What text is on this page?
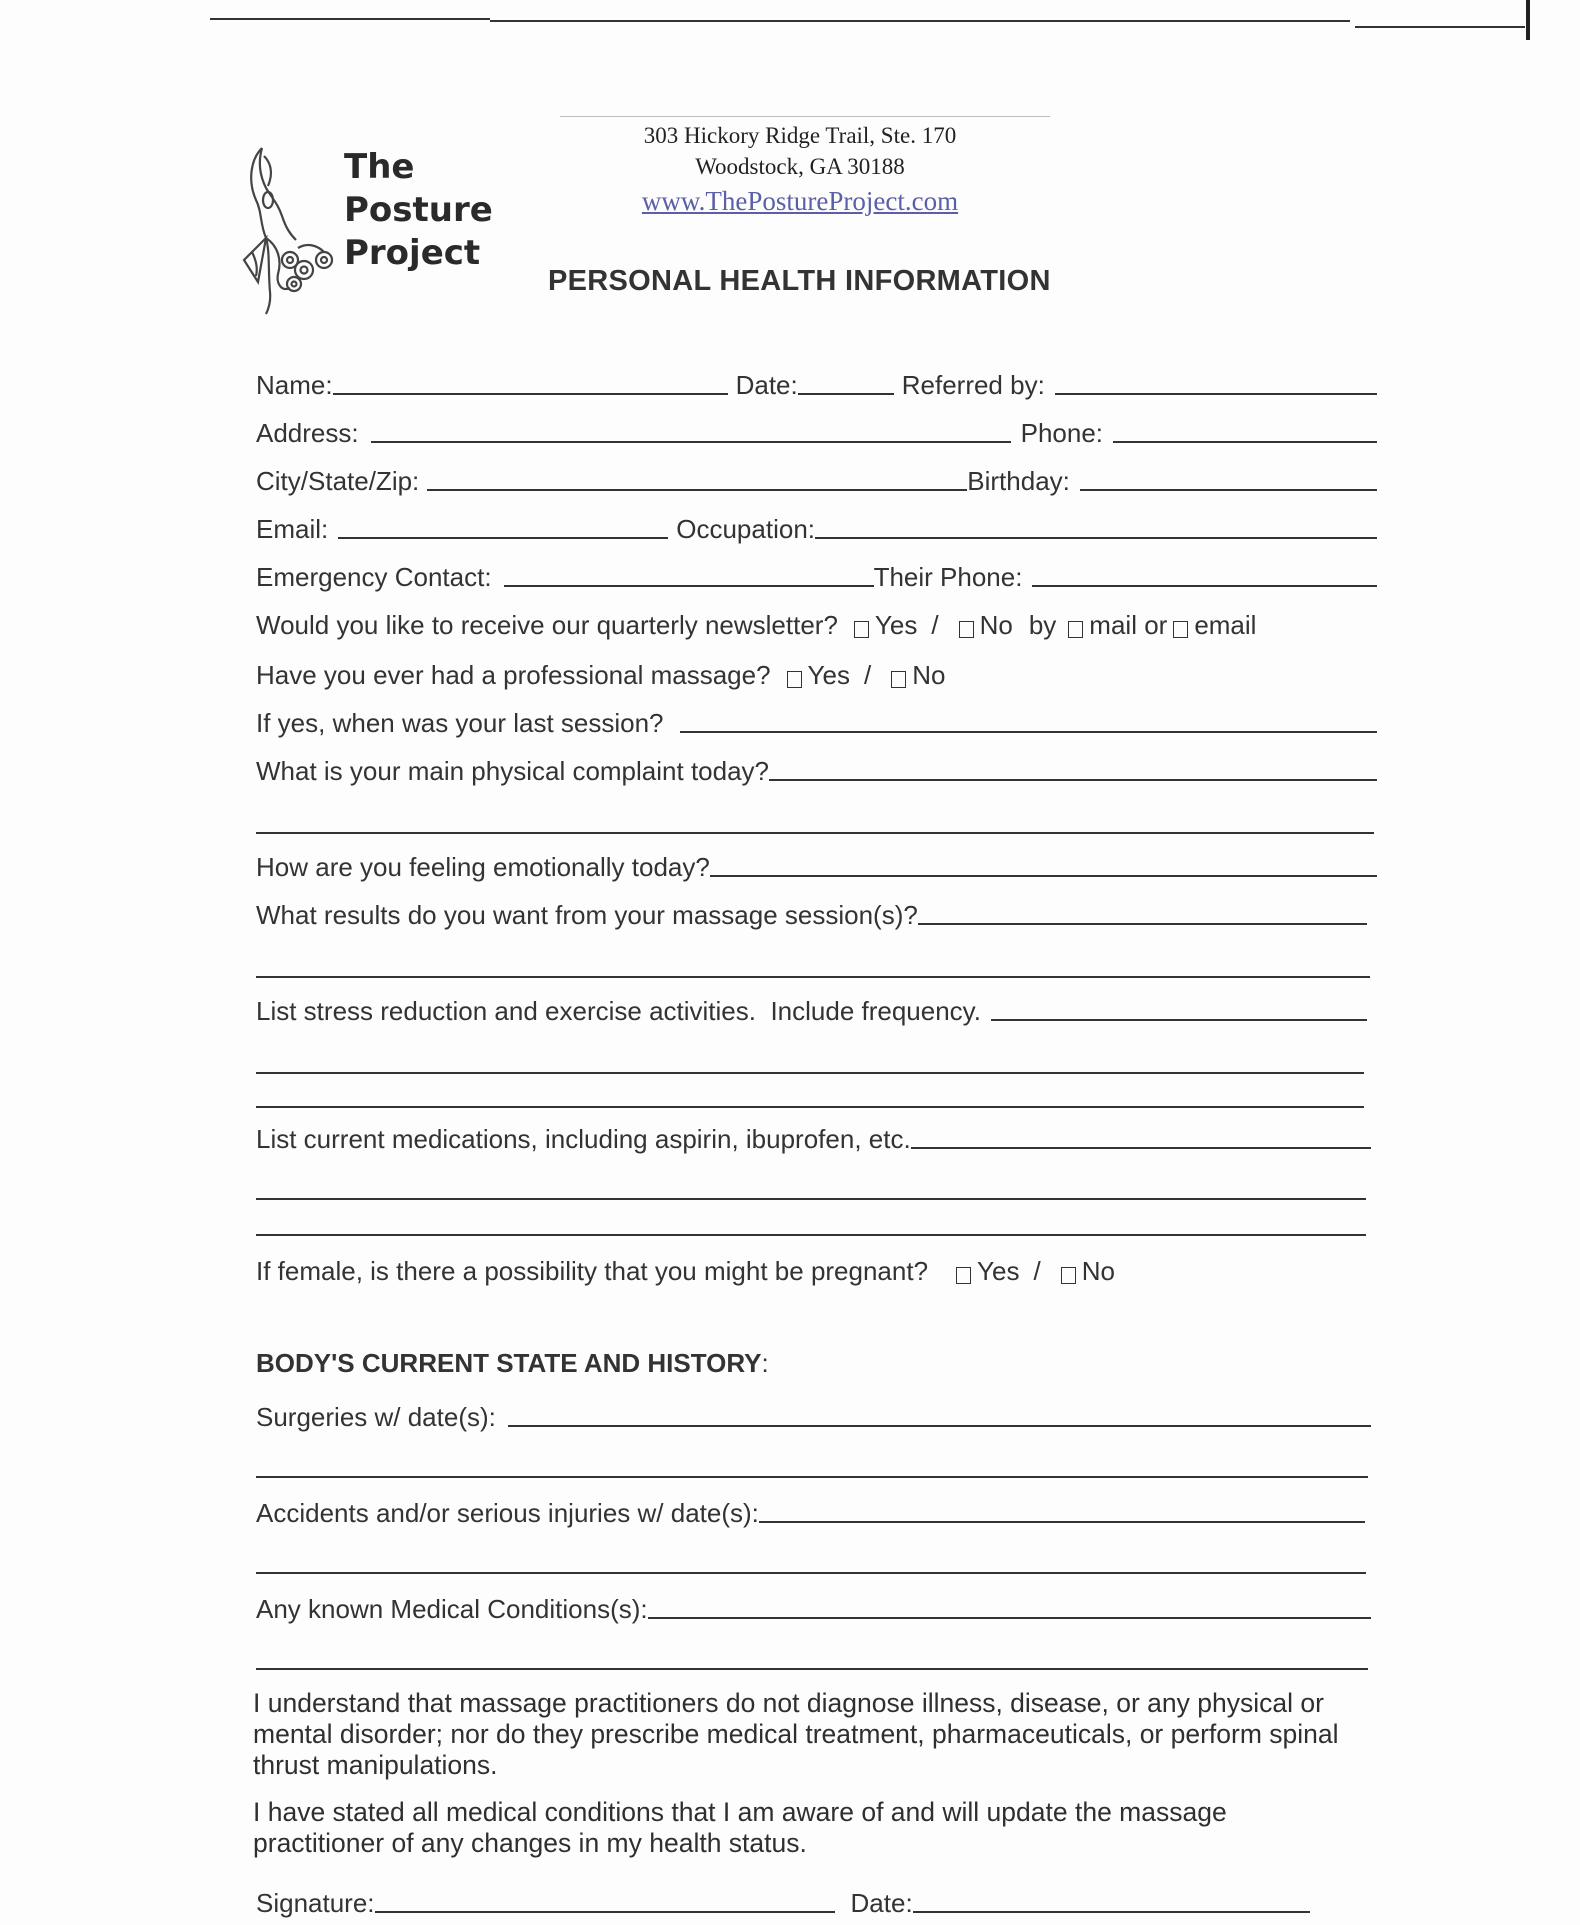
The
Posture
Project
303 Hickory Ridge Trail, Ste. 170
Woodstock, GA 30188
www.ThePostureProject.com
PERSONAL HEALTH INFORMATION
Name:	Date:	Referred by:
Address:	Phone:
City/State/Zip:	Birthday:
Email:	Occupation:
Emergency Contact:	Their Phone:
Would you like to receive our quarterly newsletter? Yes / No by mail or email
Have you ever had a professional massage? Yes / No
If yes, when was your last session?
What is your main physical complaint today?
How are you feeling emotionally today?
What results do you want from your massage session(s)?
List stress reduction and exercise activities.  Include frequency.
List current medications, including aspirin, ibuprofen, etc.
If female, is there a possibility that you might be pregnant? Yes / No
BODY'S CURRENT STATE AND HISTORY:
Surgeries w/ date(s):
Accidents and/or serious injuries w/ date(s):
Any known Medical Conditions(s):
I understand that massage practitioners do not diagnose illness, disease, or any physical or mental disorder; nor do they prescribe medical treatment, pharmaceuticals, or perform spinal thrust manipulations.
I have stated all medical conditions that I am aware of and will update the massage practitioner of any changes in my health status.
Signature:	Date:
